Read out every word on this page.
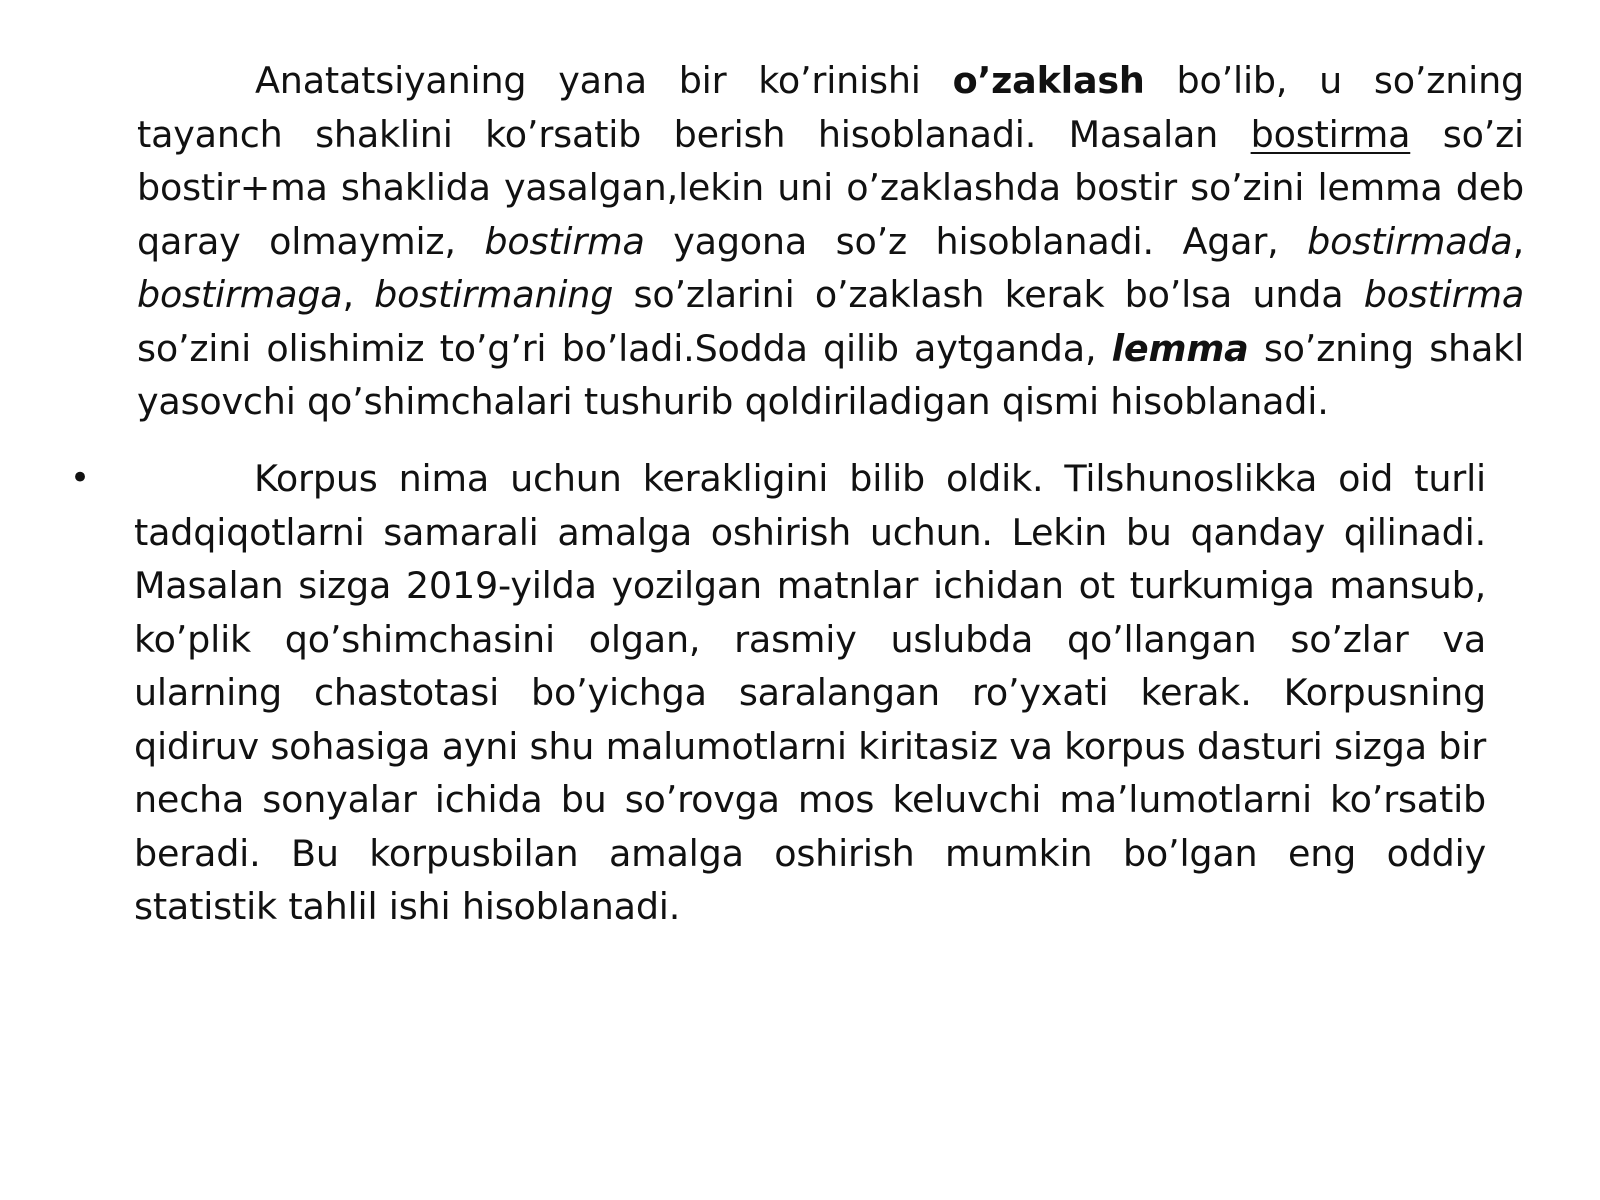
Anatatsiyaning yana bir ko’rinishi o’zaklash bo’lib, u so’zning tayanch shaklini ko’rsatib berish hisoblanadi. Masalan bostirma so’zi bostir+ma shaklida yasalgan,lekin uni o’zaklashda bostir so’zini lemma deb qaray olmaymiz, bostirma yagona so’z hisoblanadi. Agar, bostirmada, bostirmaga, bostirmaning so’zlarini o’zaklash kerak bo’lsa unda bostirma so’zini olishimiz to’g’ri bo’ladi.Sodda qilib aytganda, lemma so’zning shakl yasovchi qo’shimchalari tushurib qoldiriladigan qismi hisoblanadi.

•	Korpus nima uchun kerakligini bilib oldik. Tilshunoslikka oid turli tadqiqotlarni samarali amalga oshirish uchun. Lekin bu qanday qilinadi. Masalan sizga 2019-yilda yozilgan matnlar ichidan ot turkumiga mansub, ko’plik qo’shimchasini olgan, rasmiy uslubda qo’llangan so’zlar va ularning chastotasi bo’yichga saralangan ro’yxati kerak. Korpusning qidiruv sohasiga ayni shu malumotlarni kiritasiz va korpus dasturi sizga bir necha sonyalar ichida bu so’rovga mos keluvchi ma’lumotlarni ko’rsatib beradi. Bu korpusbilan amalga oshirish mumkin bo’lgan eng oddiy statistik tahlil ishi hisoblanadi.
